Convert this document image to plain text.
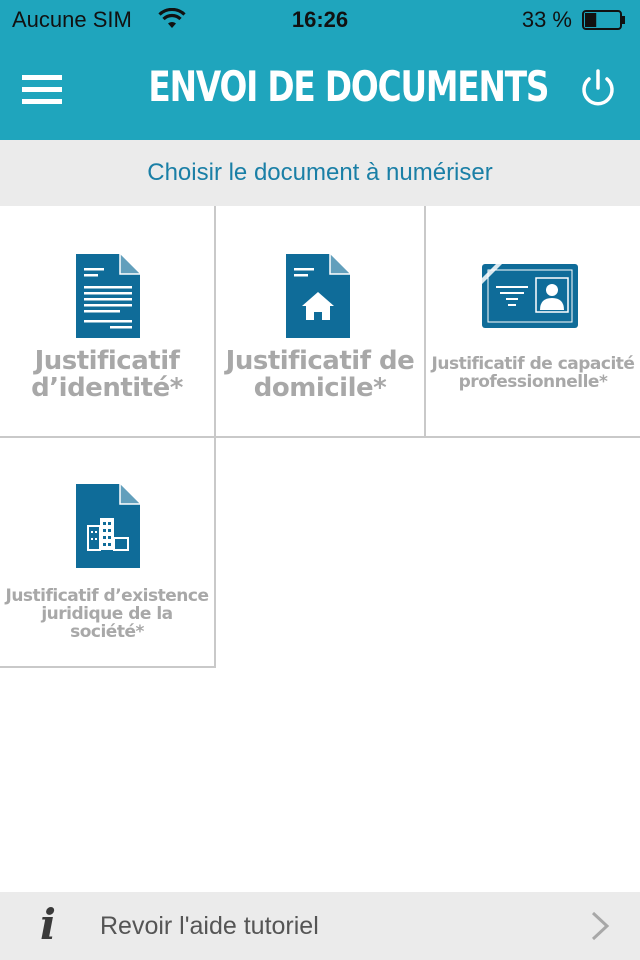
Aucune SIM	16:26	33 %
ENVOI DE DOCUMENTS
Choisir le document à numériser
Justificatif
d’identité*
Justificatif de
domicile*
Justificatif de capacité
professionnelle*
Justificatif d’existence
juridique de la société*
i Revoir l'aide tutoriel
